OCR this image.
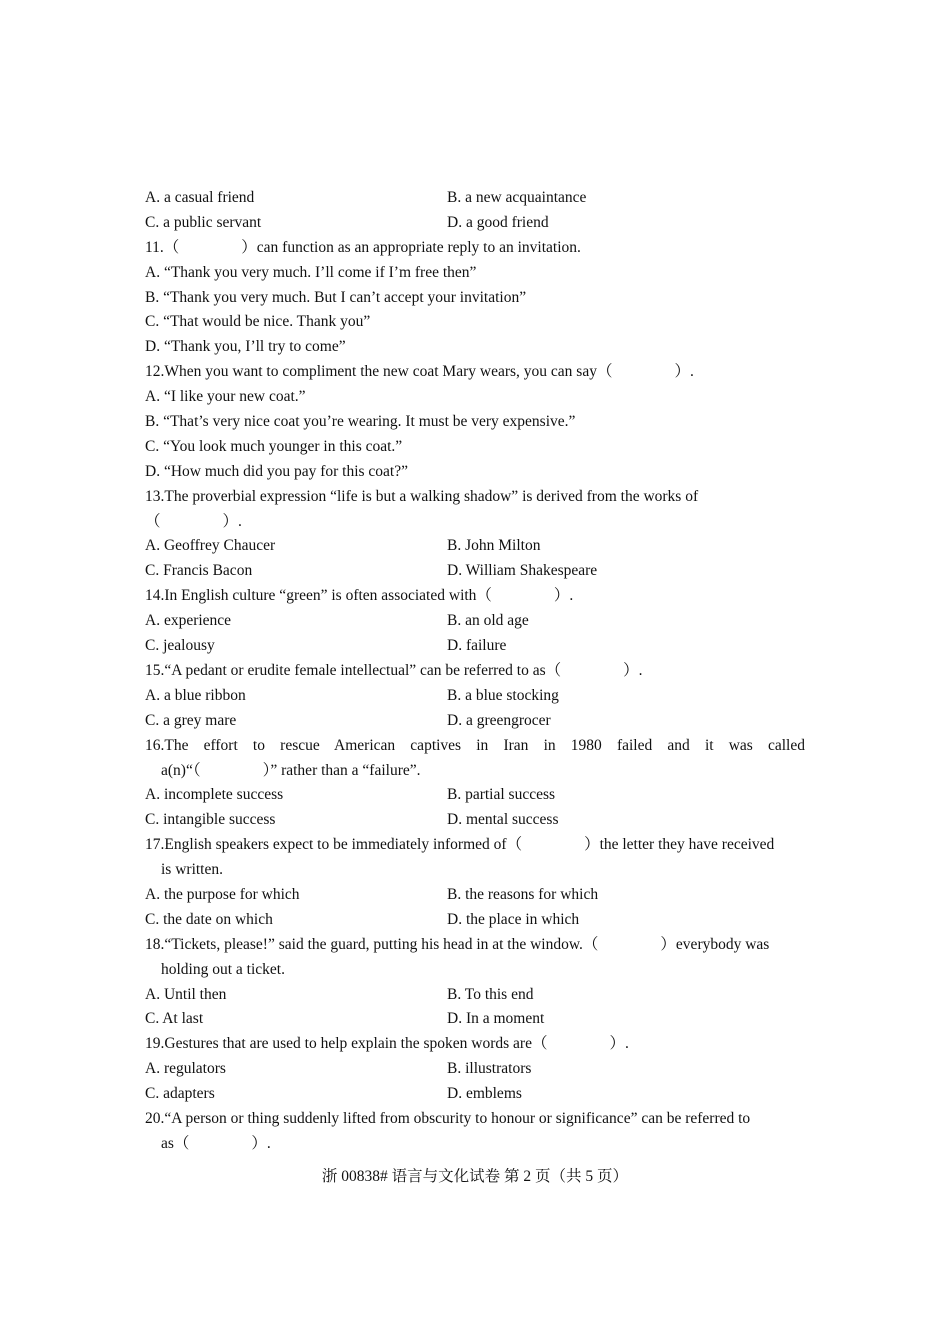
A. a casual friend	B. a new acquaintance
C. a public servant	D. a good friend
11.（　　　　）can function as an appropriate reply to an invitation.
A. “Thank you very much. I’ll come if I’m free then”
B. “Thank you very much. But I can’t accept your invitation”
C. “That would be nice. Thank you”
D. “Thank you, I’ll try to come”
12.When you want to compliment the new coat Mary wears, you can say（　　　　）.
A. “I like your new coat.”
B. “That’s very nice coat you’re wearing. It must be very expensive.”
C. “You look much younger in this coat.”
D. “How much did you pay for this coat?”
13.The proverbial expression “life is but a walking shadow” is derived from the works of
（　　　　）.
A. Geoffrey Chaucer	B. John Milton
C. Francis Bacon	D. William Shakespeare
14.In English culture “green” is often associated with（　　　　）.
A. experience	B. an old age
C. jealousy	D. failure
15.“A pedant or erudite female intellectual” can be referred to as（　　　　）.
A. a blue ribbon	B. a blue stocking
C. a grey mare	D. a greengrocer
16.The effort to rescue American captives in Iran in 1980 failed and it was called
a(n)“（　　　　）” rather than a “failure”.
A. incomplete success	B. partial success
C. intangible success	D. mental success
17.English speakers expect to be immediately informed of（　　　　）the letter they have received
is written.
A. the purpose for which	B. the reasons for which
C. the date on which	D. the place in which
18.“Tickets, please!” said the guard, putting his head in at the window.（　　　　）everybody was
holding out a ticket.
A. Until then	B. To this end
C. At last	D. In a moment
19.Gestures that are used to help explain the spoken words are（　　　　）.
A. regulators	B. illustrators
C. adapters	D. emblems
20.“A person or thing suddenly lifted from obscurity to honour or significance” can be referred to
as（　　　　）.
浙 00838# 语言与文化试卷 第 2 页（共 5 页）
